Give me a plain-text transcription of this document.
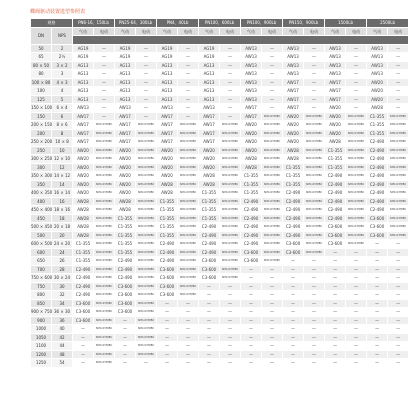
蝶阀驱动装置选型参照表
规格		PN6-16、150Lb		PN25-64、300Lb		PN4、40Lb		PN100、600Lb		PN100、900Lb		PN150、900Lb		1500Lb		2500Lb	
DN	NPS	气动	电动	气动	电动	气动	电动	气动	电动	气动	电动	气动	电动	气动	电动	气动	电动

50	2	AG19	—	AG19	—	AG19	—	AG19	—	AW13	—	AW13	—	AW13	—	AW13	—
65	2½	AG19	—	AG19	—	AG19	—	AG19	—	AW13	—	AW13	—	AW13	—	AW13	—
80 × 50	3 × 2	AG13	—	AG13	—	AG13	—	AG13	—	AW13	—	AW13	—	AW13	—	AW13	—
80	3	AG13	—	AG13	—	AG13	—	AG13	—	AW13	—	AW13	—	AW13	—	AW13	—
100 × 80	4 × 3	AG13	—	AG13	—	AG13	—	AG13	—	AW13	—	AW17	—	AW17	—	AW20	—
100	4	AG13	—	AG13	—	AG13	—	AG13	—	AW13	—	AW17	—	AW17	—	AW20	—
125	5	AG13	—	AG13	—	AG13	—	AG13	—	AW13	—	AW17	—	AW17	—	AW20	—
150 × 100	6 × 4	AW13	—	AW13	—	AW13	—	AW13	—	AW17	—	AW17	—	AW20	—	AW28	—
150	6	AW17	—	AW17	—	AW17	—	AW17	—	AW17	SMC-03H/BC	AW20	SMC-03H/BC	AW20	SMC-03H/BC	C1-355	SMC-03H/BC
200 × 150	8 × 6	AW17	SMC-03H/BC	AW17	SMC-03H/BC	AW17	SMC-03H/BC	AW17	SMC-03H/BC	AW20	SMC-03H/BC	AW20	SMC-03H/BC	AW20	SMC-03H/BC	C1-355	SMC-03H/BC
200	8	AW17	SMC-03H/BC	AW17	SMC-03H/BC	AW17	SMC-03H/BC	AW17	SMC-03H/BC	AW20	SMC-03H/BC	AW20	SMC-03H/BC	AW20	SMC-03H/BC	C1-355	SMC-03H/BC
250 × 200	10 × 8	AW17	SMC-03H/BC	AW17	SMC-03H/BC	AW17	SMC-03H/BC	AW17	SMC-03H/BC	AW20	SMC-03H/BC	AW20	SMC-03H/BC	AW28	SMC-03H/BC	C2-490	SMC-03H/BC
250	10	AW20	SMC-03H/BC	AW20	SMC-03H/BC	AW20	SMC-03H/BC	AW20	SMC-03H/BC	AW20	SMC-03H/BC	AW28	SMC-03H/BC	C1-355	SMC-03H/BC	C2-490	SMC-03H/BC
300 × 250	12 × 10	AW20	SMC-03H/BC	AW20	SMC-03H/BC	AW20	SMC-03H/BC	AW20	SMC-03H/BC	AW28	SMC-03H/BC	AW28	SMC-03H/BC	C1-355	SMC-03H/BC	C2-490	SMC-03H/BC
300	12	AW20	SMC-03H/BC	AW20	SMC-03H/BC	AW20	SMC-03H/BC	AW20	SMC-03H/BC	AW28	SMC-03H/BC	C1-355	SMC-03H/BC	C1-355	SMC-03H/BC	C2-490	SMC-03H/BC
350 × 300	14 × 12	AW20	SMC-03H/BC	AW20	SMC-03H/BC	AW20	SMC-03H/BC	AW28	SMC-03H/BC	C1-355	SMC-03H/BC	C1-355	SMC-03H/BC	C2-490	SMC-03H/BC	C2-490	SMC-03H/BC
350	14	AW20	SMC-03H/BC	AW20	SMC-03H/BC	AW28	SMC-03H/BC	AW28	SMC-03H/BC	C1-355	SMC-03H/BC	C1-355	SMC-03H/BC	C2-490	SMC-03H/BC	C2-490	SMC-03H/BC
400 × 350	16 × 14	AW20	SMC-03H/BC	AW20	SMC-03H/BC	AW28	SMC-03H/BC	C1-355	SMC-03H/BC	C1-355	SMC-03H/BC	C2-490	SMC-03H/BC	C2-490	SMC-03H/BC	C2-490	SMC-03H/BC
400	16	AW28	SMC-03H/BC	AW28	SMC-03H/BC	C1-355	SMC-03H/BC	C1-355	SMC-03H/BC	C2-490	SMC-03H/BC	C2-490	SMC-03H/BC	C2-490	SMC-03H/BC	C2-490	SMC-03H/BC
450 × 400	18 × 16	AW28	SMC-03H/BC	AW28	SMC-03H/BC	C1-355	SMC-03H/BC	C1-355	SMC-03H/BC	C2-490	SMC-03H/BC	C2-490	SMC-03H/BC	C2-490	SMC-03H/BC	C2-490	SMC-03H/BC
450	18	AW28	SMC-03H/BC	C1-355	SMC-03H/BC	C1-355	SMC-03H/BC	C1-355	SMC-03H/BC	C2-490	SMC-03H/BC	C2-490	SMC-03H/BC	C2-490	SMC-03H/BC	C3-600	SMC-03H/BC
500 × 450	20 × 18	AW28	SMC-03H/BC	C1-355	SMC-03H/BC	C1-355	SMC-03H/BC	C2-490	SMC-03H/BC	C2-490	SMC-03H/BC	C2-490	SMC-03H/BC	C3-600	SMC-03H/BC	C3-600	SMC-03H/BC
500	20	AW28	SMC-03H/BC	C1-355	SMC-03H/BC	C1-355	SMC-03H/BC	C2-490	SMC-03H/BC	C2-490	SMC-03H/BC	C2-490	SMC-03H/BC	C3-600	SMC-03H/BC	C3-600	SMC-03H/BC
600 × 500	24 × 20	C1-355	SMC-03H/BC	C1-355	SMC-03H/BC	C2-490	SMC-03H/BC	C2-490	SMC-03H/BC	C2-490	SMC-03H/BC	C3-600	SMC-03H/BC	C3-600	SMC-03H/BC	—	—
600	24	C1-355	SMC-03H/BC	C1-355	SMC-03H/BC	C2-490	SMC-03H/BC	C2-490	SMC-03H/BC	C3-600	SMC-03H/BC	C3-600	SMC-03H/BC	—	—	—	—
650	26	C1-355	SMC-03H/BC	C2-490	SMC-03H/BC	C2-490	SMC-03H/BC	C3-600	SMC-03H/BC	C3-600	SMC-03H/BC	—	—	—	—	—	—
700	28	C2-490	SMC-03H/BC	C2-490	SMC-03H/BC	C3-600	SMC-03H/BC	C3-600	SMC-03H/BC	—	—	—	—	—	—	—	—
750 × 600	30 × 24	C2-490	SMC-03H/BC	C2-490	SMC-03H/BC	C3-600	SMC-03H/BC	C3-600	SMC-03H/BC	—	—	—	—	—	—	—	—
750	30	C2-490	SMC-03H/BC	C3-600	SMC-03H/BC	C3-600	SMC-03H/BC	—	—	—	—	—	—	—	—	—	—
800	32	C2-490	SMC-03H/BC	C3-600	SMC-03H/BC	C3-600	SMC-03H/BC	—	—	—	—	—	—	—	—	—	—
850	34	C3-600	SMC-03H/BC	C3-600	SMC-03H/BC	—	—	—	—	—	—	—	—	—	—	—	—
900 × 750	36 × 30	C3-600	SMC-03H/BC	C3-600	SMC-03H/BC	—	—	—	—	—	—	—	—	—	—	—	—
900	36	C3-600	SMC-03H/BC	—	SMC-03H/BC	—	—	—	—	—	—	—	—	—	—	—	—
1000	40	—	SMC-03H/BC	—	SMC-03H/BC	—	—	—	—	—	—	—	—	—	—	—	—
1050	42	—	SMC-03H/BC	—	SMC-03H/BC	—	—	—	—	—	—	—	—	—	—	—	—
1100	44	—	SMC-03H/BC	—	SMC-03H/BC	—	—	—	—	—	—	—	—	—	—	—	—
1200	48	—	SMC-03H/BC	—	SMC-03H/BC	—	—	—	—	—	—	—	—	—	—	—	—
1250	54	—	SMC-03H/BC	—	—	—	—	—	—	—	—	—	—	—	—	—	—
